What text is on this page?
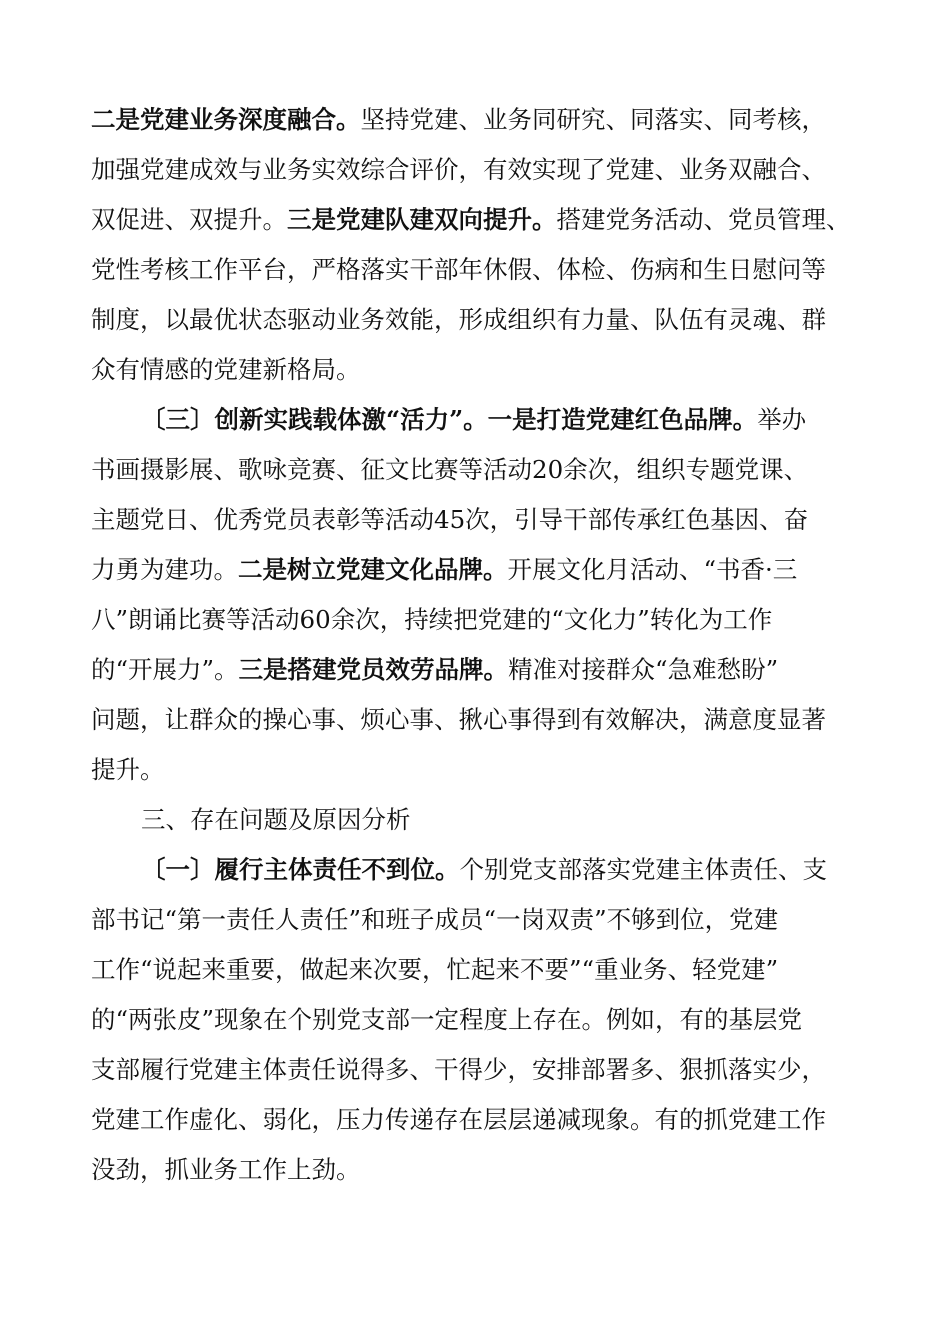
二是党建业务深度融合。坚持党建、业务同研究、同落实、同考核，
加强党建成效与业务实效综合评价，有效实现了党建、业务双融合、
双促进、双提升。三是党建队建双向提升。搭建党务活动、党员管理、
党性考核工作平台，严格落实干部年休假、体检、伤病和生日慰问等
制度，以最优状态驱动业务效能，形成组织有力量、队伍有灵魂、群
众有情感的党建新格局。
〔三〕创新实践载体激“活力”。一是打造党建红色品牌。举办
书画摄影展、歌咏竞赛、征文比赛等活动20余次，组织专题党课、
主题党日、优秀党员表彰等活动45次，引导干部传承红色基因、奋
力勇为建功。二是树立党建文化品牌。开展文化月活动、“书香·三
八”朗诵比赛等活动60余次，持续把党建的“文化力”转化为工作
的“开展力”。三是搭建党员效劳品牌。精准对接群众“急难愁盼”
问题，让群众的操心事、烦心事、揪心事得到有效解决，满意度显著
提升。
三、存在问题及原因分析
〔一〕履行主体责任不到位。个别党支部落实党建主体责任、支
部书记“第一责任人责任”和班子成员“一岗双责”不够到位，党建
工作“说起来重要，做起来次要，忙起来不要”“重业务、轻党建”
的“两张皮”现象在个别党支部一定程度上存在。例如，有的基层党
支部履行党建主体责任说得多、干得少，安排部署多、狠抓落实少，
党建工作虚化、弱化，压力传递存在层层递减现象。有的抓党建工作
没劲，抓业务工作上劲。
